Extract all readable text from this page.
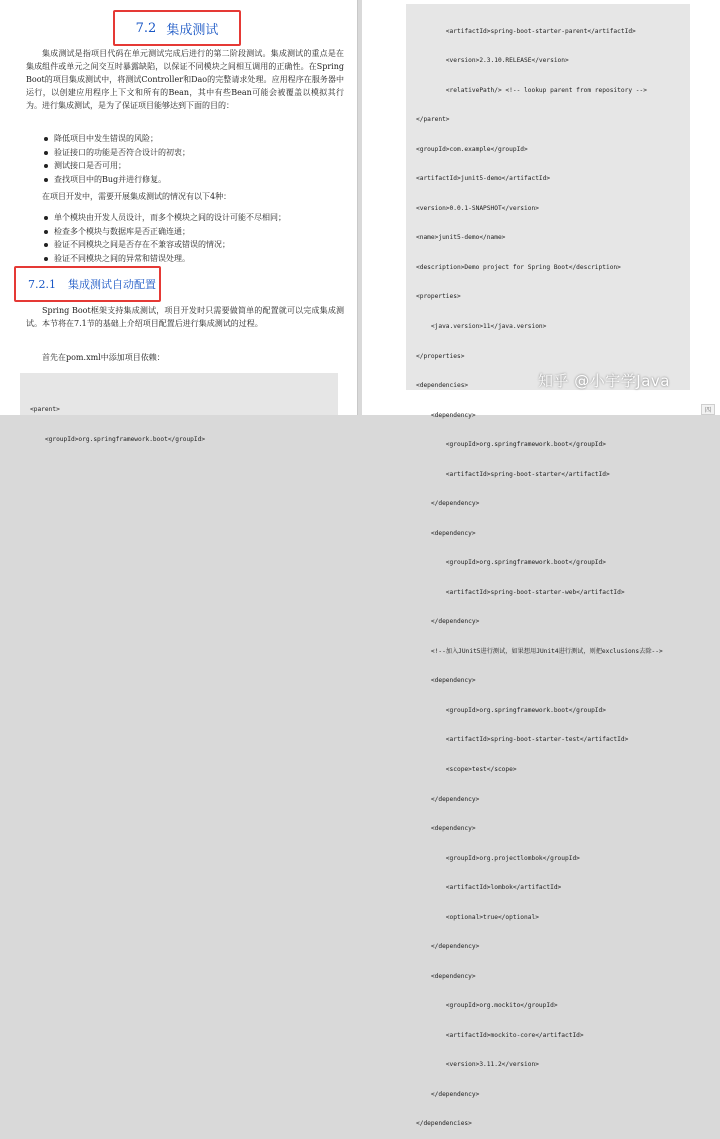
7.2 集成测试

集成测试是指项目代码在单元测试完成后进行的第二阶段测试。集成测试的重点是在集成组件或单元之间交互时暴露缺陷，以保证不同模块之间相互调用的正确性。在Spring Boot的项目集成测试中，将测试Controller和Dao的完整请求处理。应用程序在服务器中运行，以创建应用程序上下文和所有的Bean，其中有些Bean可能会被覆盖以模拟其行为。进行集成测试，是为了保证项目能够达到下面的目的：

降低项目中发生错误的风险；
验证接口的功能是否符合设计的初衷；
测试接口是否可用；
查找项目中的Bug并进行修复。

在项目开发中，需要开展集成测试的情况有以下4种：

单个模块由开发人员设计，而多个模块之间的设计可能不尽相同；
检查多个模块与数据库是否正确连通；
验证不同模块之间是否存在不兼容或错误的情况；
验证不同模块之间的异常和错误处理。
7.2.1 集成测试自动配置

Spring Boot框架支持集成测试，项目开发时只需要做简单的配置就可以完成集成测试。本节将在7.1节的基础上介绍项目配置后进行集成测试的过程。

首先在pom.xml中添加项目依赖：

<parent>

<groupId>org.springframework.boot</groupId>

<artifactId>spring-boot-starter-parent</artifactId>

<version>2.3.10.RELEASE</version>

<relativePath/> <!-- lookup parent from repository -->

</parent>

<groupId>com.example</groupId>

<artifactId>junit5-demo</artifactId>

<version>0.0.1-SNAPSHOT</version>

<name>junit5-demo</name>

<description>Demo project for Spring Boot</description>

<properties>

<java.version>11</java.version>

</properties>

<dependencies>

<dependency>

<groupId>org.springframework.boot</groupId>

<artifactId>spring-boot-starter</artifactId>

</dependency>

<dependency>

<groupId>org.springframework.boot</groupId>

<artifactId>spring-boot-starter-web</artifactId>

</dependency>

<!--加入JUnit5进行测试，如果想用JUnit4进行测试，则把exclusions去除-->

<dependency>

<groupId>org.springframework.boot</groupId>

<artifactId>spring-boot-starter-test</artifactId>

<scope>test</scope>

</dependency>

<dependency>

<groupId>org.projectlombok</groupId>

<artifactId>lombok</artifactId>

<optional>true</optional>

</dependency>

<dependency>

<groupId>org.mockito</groupId>

<artifactId>mockito-core</artifactId>

<version>3.11.2</version>

</dependency>

</dependencies>

知乎 @小宇学Java
四
